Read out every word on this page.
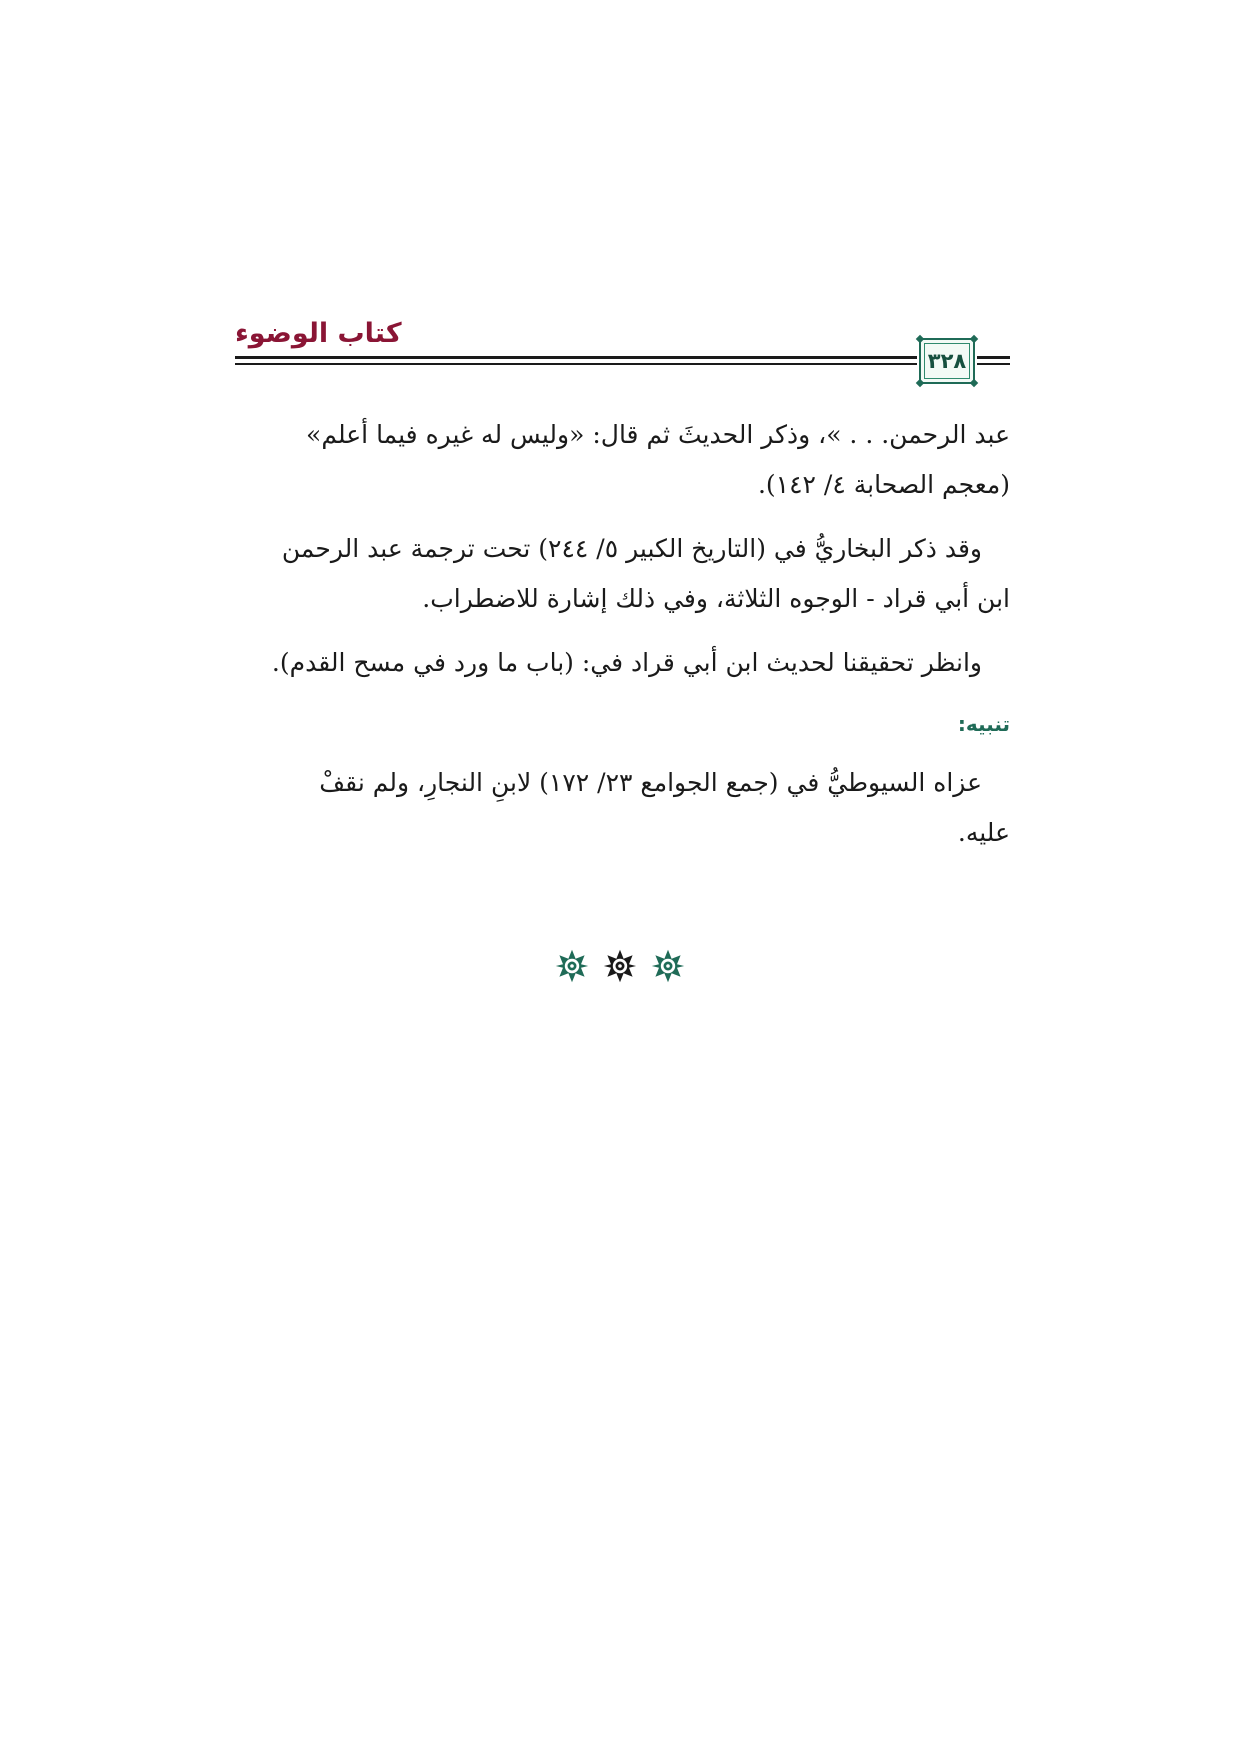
كتاب الوضوء
٣٢٨

عبد الرحمن. . . »، وذكر الحديثَ ثم قال: «وليس له غيره فيما أعلم»
(معجم الصحابة ٤/ ١٤٢).

وقد ذكر البخاريُّ في (التاريخ الكبير ٥/ ٢٤٤) تحت ترجمة عبد الرحمن
ابن أبي قراد - الوجوه الثلاثة، وفي ذلك إشارة للاضطراب.

وانظر تحقيقنا لحديث ابن أبي قراد في: (باب ما ورد في مسح القدم).

تنبيه:

عزاه السيوطيُّ في (جمع الجوامع ٢٣/ ١٧٢) لابنِ النجارِ، ولم نقفْ
عليه.
